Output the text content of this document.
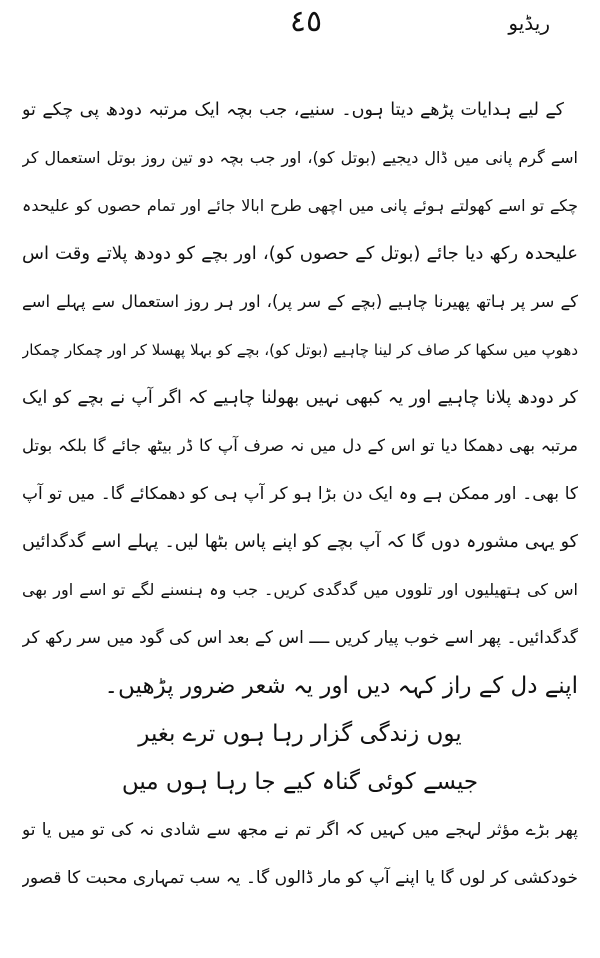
٤٥	ریڈیو
کے لیے ہدایات پڑھے دیتا ہوں۔ سنیے، جب بچہ ایک مرتبہ دودھ پی چکے تو
اسے گرم پانی میں ڈال دیجیے (بوتل کو)، اور جب بچہ دو تین روز بوتل استعمال کر
چکے تو اسے کھولتے ہوئے پانی میں اچھی طرح ابالا جائے اور تمام حصوں کو علیحدہ
علیحدہ رکھ دیا جائے (بوتل کے حصوں کو)، اور بچے کو دودھ پلاتے وقت اس
کے سر پر ہاتھ پھیرنا چاہیے (بچے کے سر پر)، اور ہر روز استعمال سے پہلے اسے
دھوپ میں سکھا کر صاف کر لینا چاہیے (بوتل کو)، بچے کو بہلا پھسلا کر اور چمکار چمکار
کر دودھ پلانا چاہیے اور یہ کبھی نہیں بھولنا چاہیے کہ اگر آپ نے بچے کو ایک
مرتبہ بھی دھمکا دیا تو اس کے دل میں نہ صرف آپ کا ڈر بیٹھ جائے گا بلکہ بوتل
کا بھی۔ اور ممکن ہے وہ ایک دن بڑا ہو کر آپ ہی کو دھمکائے گا۔ میں تو آپ
کو یہی مشورہ دوں گا کہ آپ بچے کو اپنے پاس بٹھا لیں۔ پہلے اسے گدگدائیں
اس کی ہتھیلیوں اور تلووں میں گدگدی کریں۔ جب وہ ہنسنے لگے تو اسے اور بھی
گدگدائیں۔ پھر اسے خوب پیار کریں ــــ اس کے بعد اس کی گود میں سر رکھ کر
اپنے دل کے راز کہہ دیں اور یہ شعر ضرور پڑھیں۔
یوں زندگی گزار رہا ہوں ترے بغیر
جیسے کوئی گناہ کیے جا رہا ہوں میں
پھر بڑے مؤثر لہجے میں کہیں کہ اگر تم نے مجھ سے شادی نہ کی تو میں یا تو
خودکشی کر لوں گا یا اپنے آپ کو مار ڈالوں گا۔ یہ سب تمہاری محبت کا قصور
